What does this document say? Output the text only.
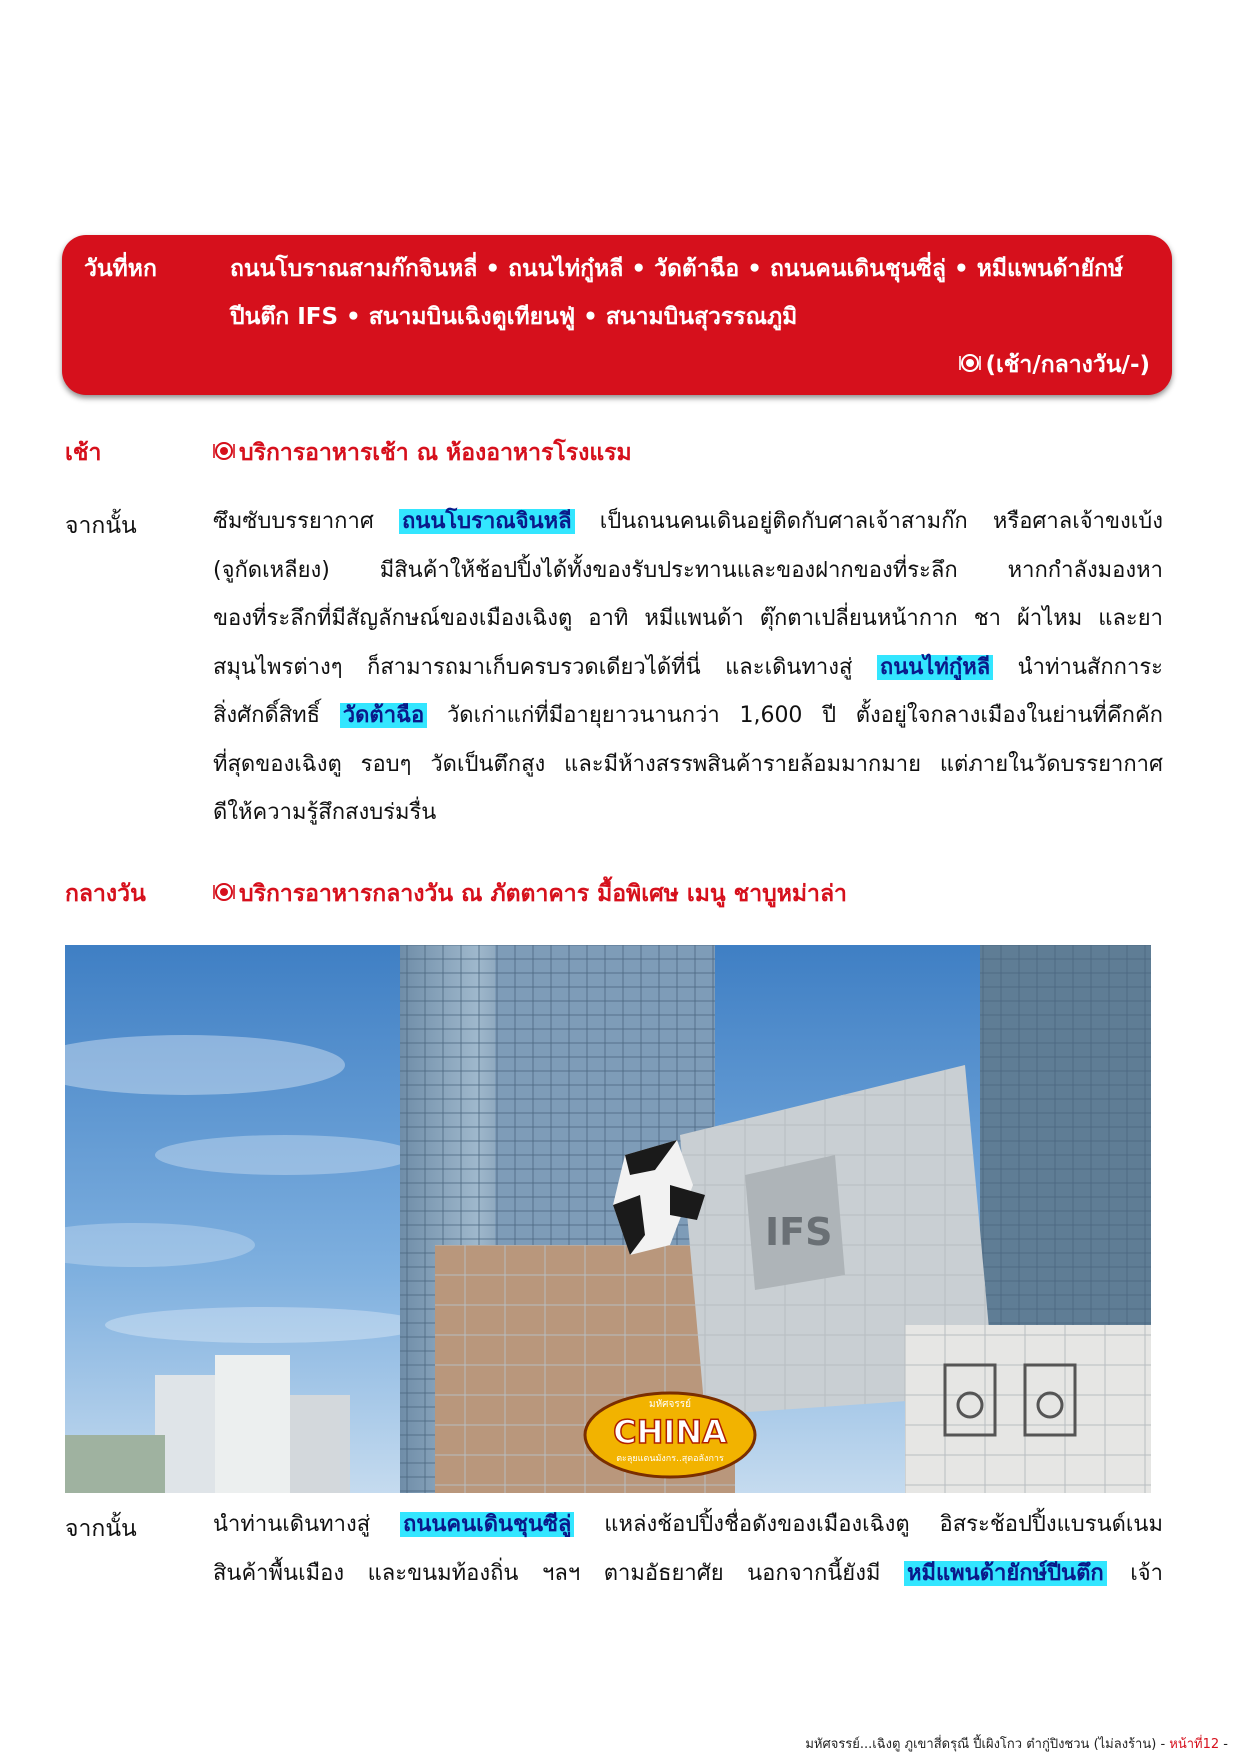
วันที่หก	ถนนโบราณสามก๊กจินหลี่ • ถนนไท่กู๋หลี • วัดต้าฉือ • ถนนคนเดินชุนซี่ลู่ • หมีแพนด้ายักษ์
ปีนตึก IFS • สนามบินเฉิงตูเทียนฟู่ • สนามบินสุวรรณภูมิ
(เช้า/กลางวัน/-)
เช้า	บริการอาหารเช้า ณ ห้องอาหารโรงแรม
จากนั้น	ซึมซับบรรยากาศ ถนนโบราณจินหลี เป็นถนนคนเดินอยู่ติดกับศาลเจ้าสามก๊ก หรือศาลเจ้าขงเบ้ง
(จูกัดเหลียง) มีสินค้าให้ช้อปปิ้งได้ทั้งของรับประทานและของฝากของที่ระลึก หากกำลังมองหา
ของที่ระลึกที่มีสัญลักษณ์ของเมืองเฉิงตู อาทิ หมีแพนด้า ตุ๊กตาเปลี่ยนหน้ากาก ชา ผ้าไหม และยา
สมุนไพรต่างๆ ก็สามารถมาเก็บครบรวดเดียวได้ที่นี่ และเดินทางสู่ ถนนไท่กู๋หลี นำท่านสักการะ
สิ่งศักดิ์สิทธิ์ วัดต้าฉือ วัดเก่าแก่ที่มีอายุยาวนานกว่า 1,600 ปี ตั้งอยู่ใจกลางเมืองในย่านที่คึกคัก
ที่สุดของเฉิงตู รอบๆ วัดเป็นตึกสูง และมีห้างสรรพสินค้ารายล้อมมากมาย แต่ภายในวัดบรรยากาศ
ดีให้ความรู้สึกสงบร่มรื่น
กลางวัน	บริการอาหารกลางวัน ณ ภัตตาคาร มื้อพิเศษ เมนู ชาบูหม่าล่า
IFS
มหัศจรรย์
CHINA
ตะลุยแดนมังกร..สุดอลังการ
จากนั้น	นำท่านเดินทางสู่ ถนนคนเดินชุนซีลู่ แหล่งช้อปปิ้งชื่อดังของเมืองเฉิงตู อิสระช้อปปิ้งแบรนด์เนม
สินค้าพื้นเมือง และขนมท้องถิ่น ฯลฯ ตามอัธยาศัย นอกจากนี้ยังมี หมีแพนด้ายักษ์ปีนตึก เจ้า
มหัศจรรย์...เฉิงตู ภูเขาสี่ดรุณี ปี้เผิงโกว ต๋ากู่ปิงชวน (ไม่ลงร้าน) - หน้าที่12 -
